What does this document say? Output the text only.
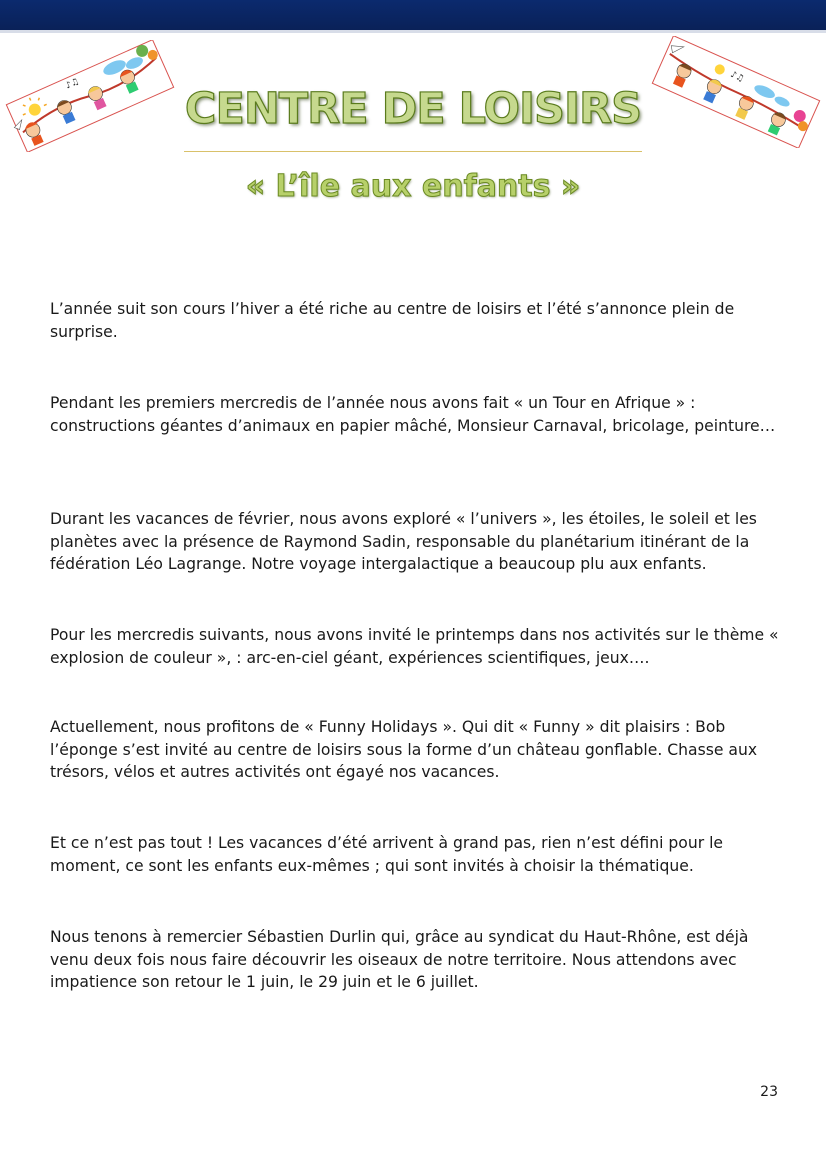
♪♫	♪♫
CENTRE DE LOISIRS
« L’île aux enfants »

L’année suit son cours l’hiver a été riche au centre de loisirs et l’été s’annonce plein de surprise.

Pendant les premiers mercredis de l’année nous avons fait « un Tour en Afrique » : constructions géantes d’animaux en papier mâché, Monsieur Carnaval, bricolage, peinture…

Durant les vacances de février, nous avons exploré « l’univers », les étoiles, le soleil et les planètes avec la présence de Raymond Sadin, responsable du planétarium itinérant de la fédération Léo Lagrange. Notre voyage intergalactique a beaucoup plu aux enfants.

Pour les mercredis suivants, nous avons invité le printemps dans nos activités sur le thème « explosion de couleur », : arc-en-ciel géant, expériences scientifiques, jeux….

Actuellement, nous profitons de « Funny Holidays ». Qui dit « Funny » dit plaisirs : Bob l’éponge s’est invité au centre de loisirs sous la forme d’un château gonflable. Chasse aux trésors, vélos et autres activités ont égayé nos vacances.

Et ce n’est pas tout ! Les vacances d’été arrivent à grand pas, rien n’est défini pour le moment, ce sont les enfants eux-mêmes ; qui sont invités à choisir la thématique.

Nous tenons à remercier Sébastien Durlin qui, grâce au syndicat du Haut-Rhône, est déjà venu deux fois nous faire découvrir les oiseaux de notre territoire. Nous attendons avec impatience son retour le 1 juin, le 29 juin et le 6 juillet.

23
